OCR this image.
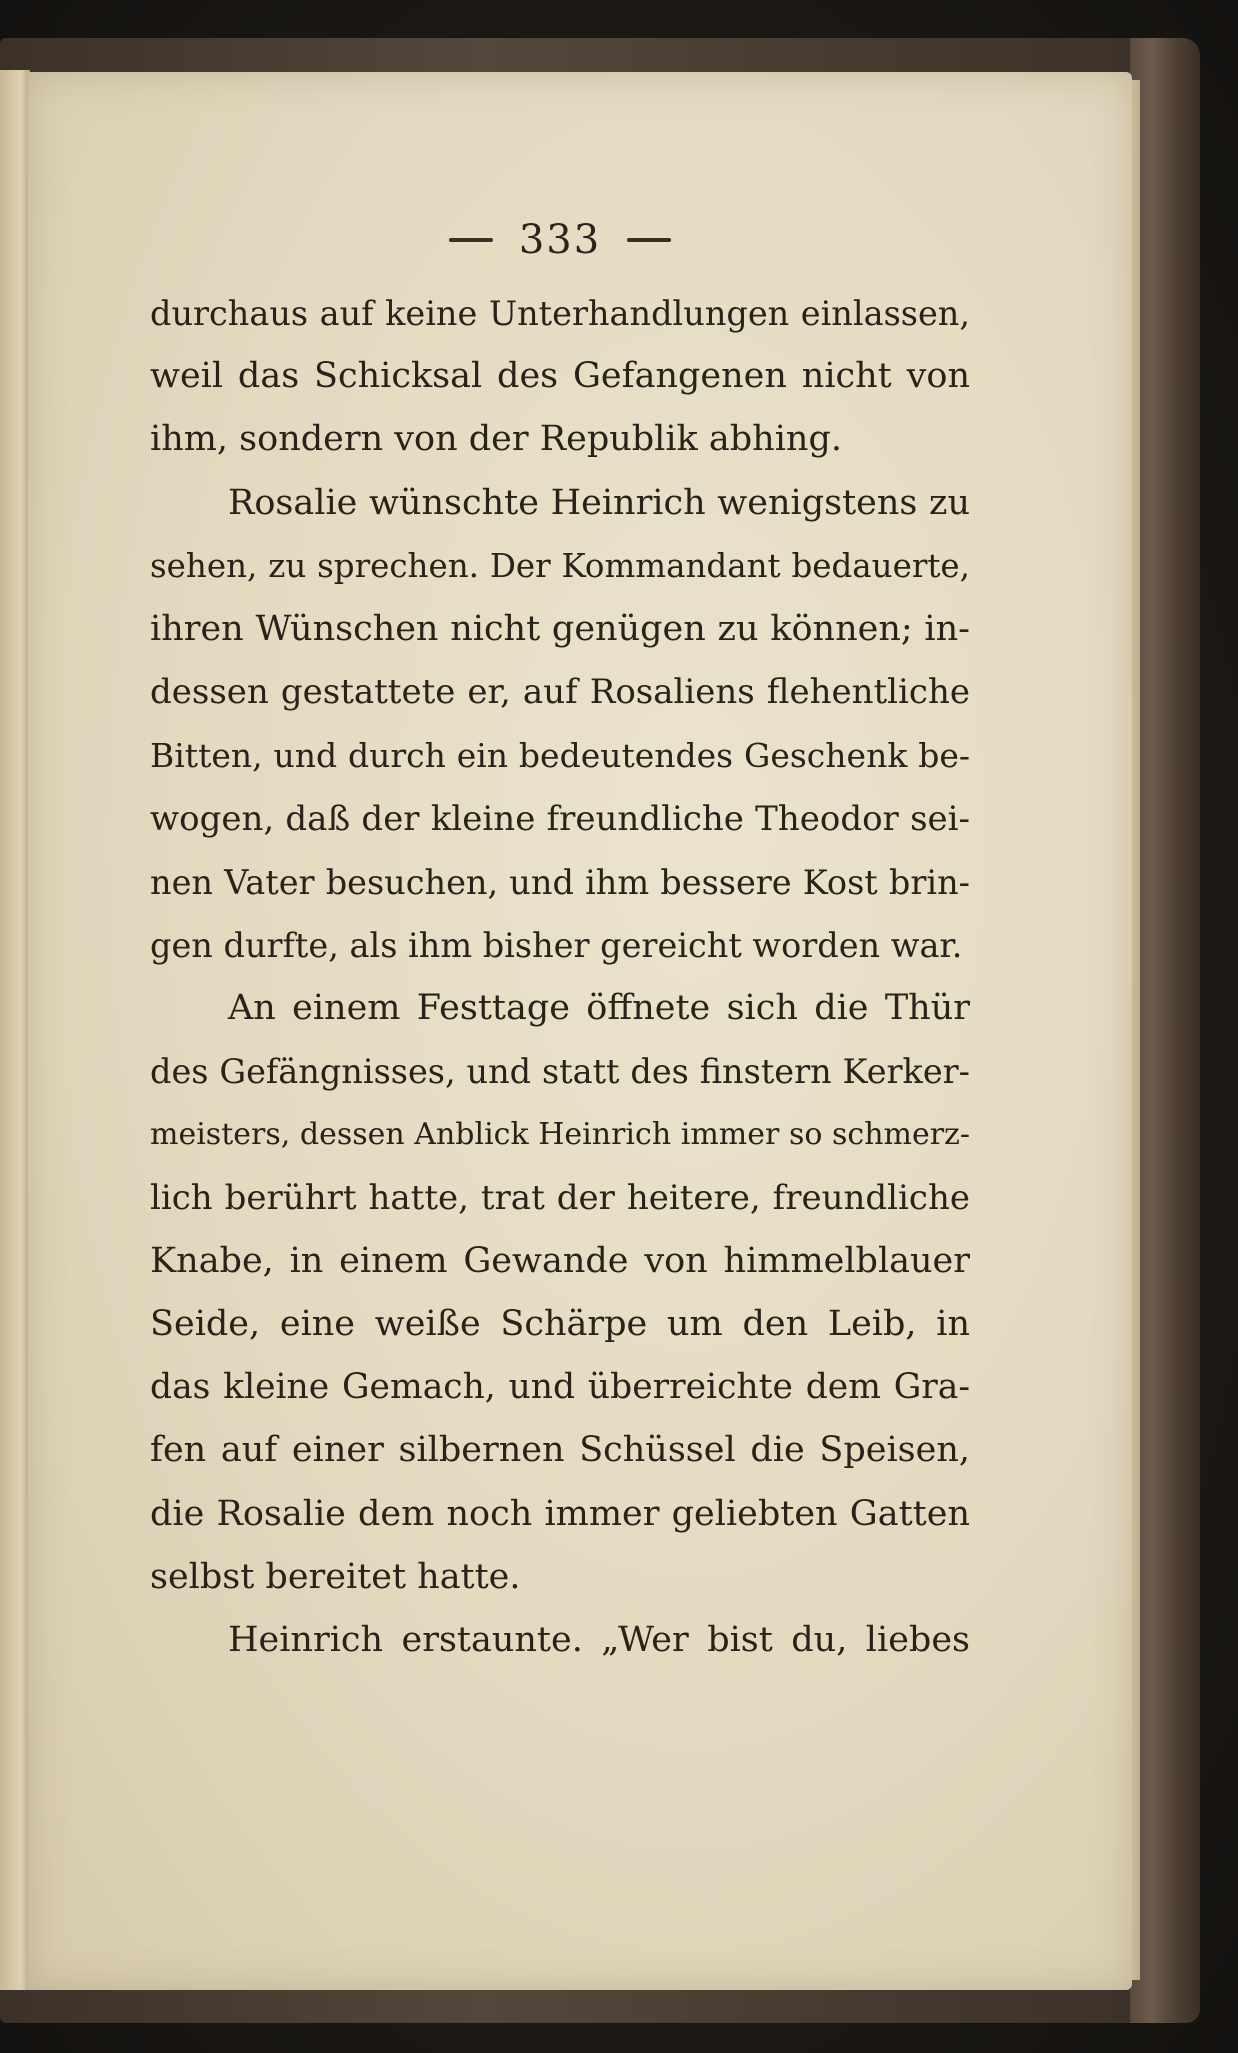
333
durchaus auf keine Unterhandlungen einlassen,
weil das Schicksal des Gefangenen nicht von
ihm, sondern von der Republik abhing.
Rosalie wünschte Heinrich wenigstens zu
sehen, zu sprechen. Der Kommandant bedauerte,
ihren Wünschen nicht genügen zu können; in-
dessen gestattete er, auf Rosaliens flehentliche
Bitten, und durch ein bedeutendes Geschenk be-
wogen, daß der kleine freundliche Theodor sei-
nen Vater besuchen, und ihm bessere Kost brin-
gen durfte, als ihm bisher gereicht worden war.
An einem Festtage öffnete sich die Thür
des Gefängnisses, und statt des finstern Kerker-
meisters, dessen Anblick Heinrich immer so schmerz-
lich berührt hatte, trat der heitere, freundliche
Knabe, in einem Gewande von himmelblauer
Seide, eine weiße Schärpe um den Leib, in
das kleine Gemach, und überreichte dem Gra-
fen auf einer silbernen Schüssel die Speisen,
die Rosalie dem noch immer geliebten Gatten
selbst bereitet hatte.
Heinrich erstaunte. „Wer bist du, liebes
